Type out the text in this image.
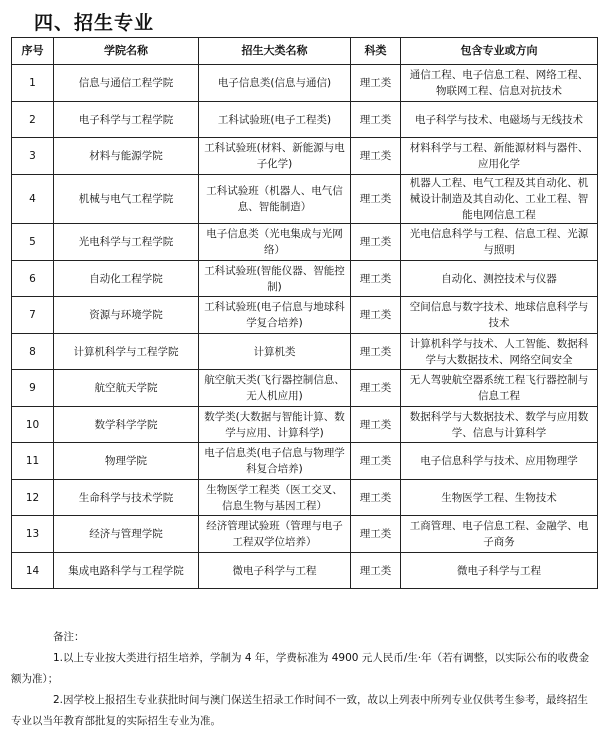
四、招生专业
序号	学院名称	招生大类名称	科类	包含专业或方向
1	信息与通信工程学院	电子信息类(信息与通信)	理工类	通信工程、电子信息工程、网络工程、物联网工程、信息对抗技术
2	电子科学与工程学院	工科试验班(电子工程类)	理工类	电子科学与技术、电磁场与无线技术
3	材料与能源学院	工科试验班(材料、新能源与电子化学)	理工类	材料科学与工程、新能源材料与器件、应用化学
4	机械与电气工程学院	工科试验班（机器人、电气信息、智能制造）	理工类	机器人工程、电气工程及其自动化、机械设计制造及其自动化、工业工程、智能电网信息工程
5	光电科学与工程学院	电子信息类（光电集成与光网络）	理工类	光电信息科学与工程、信息工程、光源与照明
6	自动化工程学院	工科试验班(智能仪器、智能控制)	理工类	自动化、测控技术与仪器
7	资源与环境学院	工科试验班(电子信息与地球科学复合培养)	理工类	空间信息与数字技术、地球信息科学与技术
8	计算机科学与工程学院	计算机类	理工类	计算机科学与技术、人工智能、数据科学与大数据技术、网络空间安全
9	航空航天学院	航空航天类(飞行器控制信息、无人机应用)	理工类	无人驾驶航空器系统工程飞行器控制与信息工程
10	数学科学学院	数学类(大数据与智能计算、数学与应用、计算科学)	理工类	数据科学与大数据技术、数学与应用数学、信息与计算科学
11	物理学院	电子信息类(电子信息与物理学科复合培养)	理工类	电子信息科学与技术、应用物理学
12	生命科学与技术学院	生物医学工程类（医工交叉、信息生物与基因工程）	理工类	生物医学工程、生物技术
13	经济与管理学院	经济管理试验班（管理与电子工程双学位培养）	理工类	工商管理、电子信息工程、金融学、电子商务
14	集成电路科学与工程学院	微电子科学与工程	理工类	微电子科学与工程
备注：
1.以上专业按大类进行招生培养，学制为 4 年，学费标准为 4900 元人民币/生·年（若有调整，以实际公布的收费金额为准）；
2.因学校上报招生专业获批时间与澳门保送生招录工作时间不一致，故以上列表中所列专业仅供考生参考，最终招生专业以当年教育部批复的实际招生专业为准。
